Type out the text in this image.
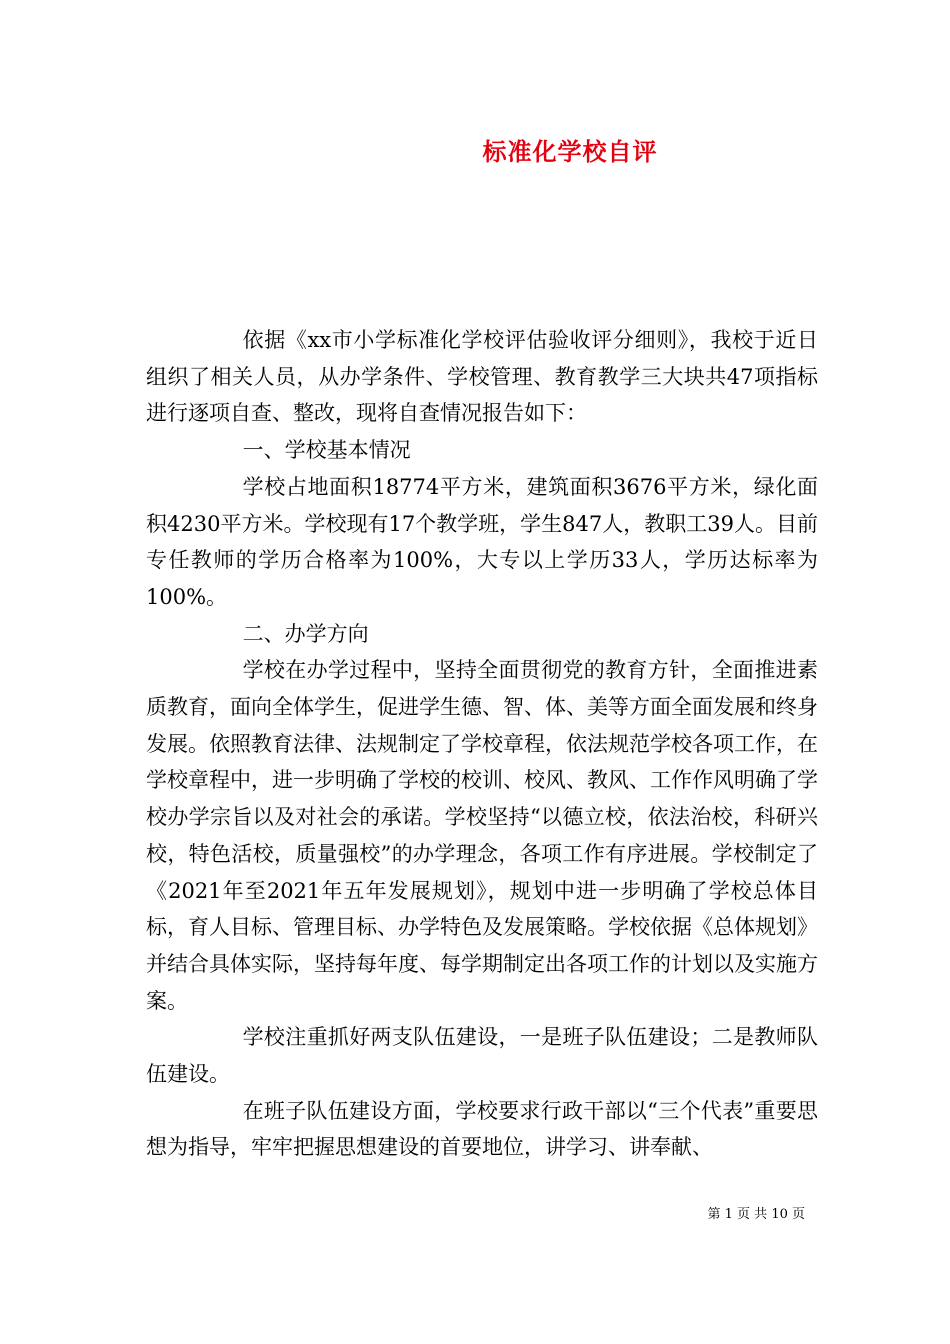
标准化学校自评

依据《xx市小学标准化学校评估验收评分细则》，我校于近日组织了相关人员，从办学条件、学校管理、教育教学三大块共47项指标进行逐项自查、整改，现将自查情况报告如下：

一、学校基本情况

学校占地面积18774平方米，建筑面积3676平方米，绿化面积4230平方米。学校现有17个教学班，学生847人，教职工39人。目前专任教师的学历合格率为100%，大专以上学历33人，学历达标率为100%。

二、办学方向

学校在办学过程中，坚持全面贯彻党的教育方针，全面推进素质教育，面向全体学生，促进学生德、智、体、美等方面全面发展和终身发展。依照教育法律、法规制定了学校章程，依法规范学校各项工作，在学校章程中，进一步明确了学校的校训、校风、教风、工作作风明确了学校办学宗旨以及对社会的承诺。学校坚持“以德立校，依法治校，科研兴校，特色活校，质量强校”的办学理念，各项工作有序进展。学校制定了《2021年至2021年五年发展规划》，规划中进一步明确了学校总体目标，育人目标、管理目标、办学特色及发展策略。学校依据《总体规划》并结合具体实际，坚持每年度、每学期制定出各项工作的计划以及实施方案。

学校注重抓好两支队伍建设，一是班子队伍建设；二是教师队伍建设。

在班子队伍建设方面，学校要求行政干部以“三个代表”重要思想为指导，牢牢把握思想建设的首要地位，讲学习、讲奉献、

第 1 页 共 10 页
